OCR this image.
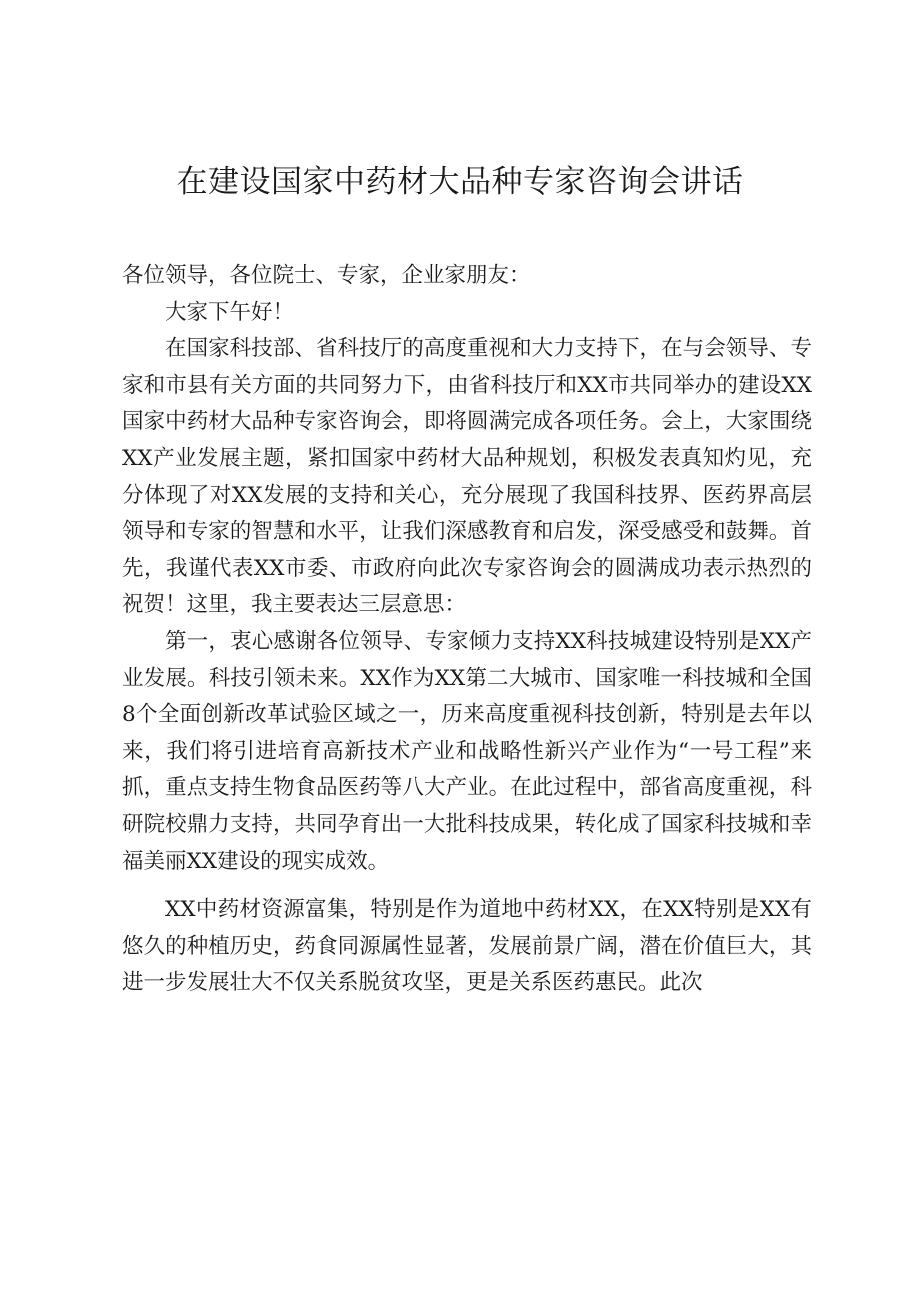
在建设国家中药材大品种专家咨询会讲话

各位领导，各位院士、专家，企业家朋友：

大家下午好！

在国家科技部、省科技厅的高度重视和大力支持下，在与会领导、专家和市县有关方面的共同努力下，由省科技厅和XX市共同举办的建设XX国家中药材大品种专家咨询会，即将圆满完成各项任务。会上，大家围绕XX产业发展主题，紧扣国家中药材大品种规划，积极发表真知灼见，充分体现了对XX发展的支持和关心，充分展现了我国科技界、医药界高层领导和专家的智慧和水平，让我们深感教育和启发，深受感受和鼓舞。首先，我谨代表XX市委、市政府向此次专家咨询会的圆满成功表示热烈的祝贺！这里，我主要表达三层意思：

第一，衷心感谢各位领导、专家倾力支持XX科技城建设特别是XX产业发展。科技引领未来。XX作为XX第二大城市、国家唯一科技城和全国8个全面创新改革试验区域之一，历来高度重视科技创新，特别是去年以来，我们将引进培育高新技术产业和战略性新兴产业作为“一号工程”来抓，重点支持生物食品医药等八大产业。在此过程中，部省高度重视，科研院校鼎力支持，共同孕育出一大批科技成果，转化成了国家科技城和幸福美丽XX建设的现实成效。

XX中药材资源富集，特别是作为道地中药材XX，在XX特别是XX有悠久的种植历史，药食同源属性显著，发展前景广阔，潜在价值巨大，其进一步发展壮大不仅关系脱贫攻坚，更是关系医药惠民。此次
